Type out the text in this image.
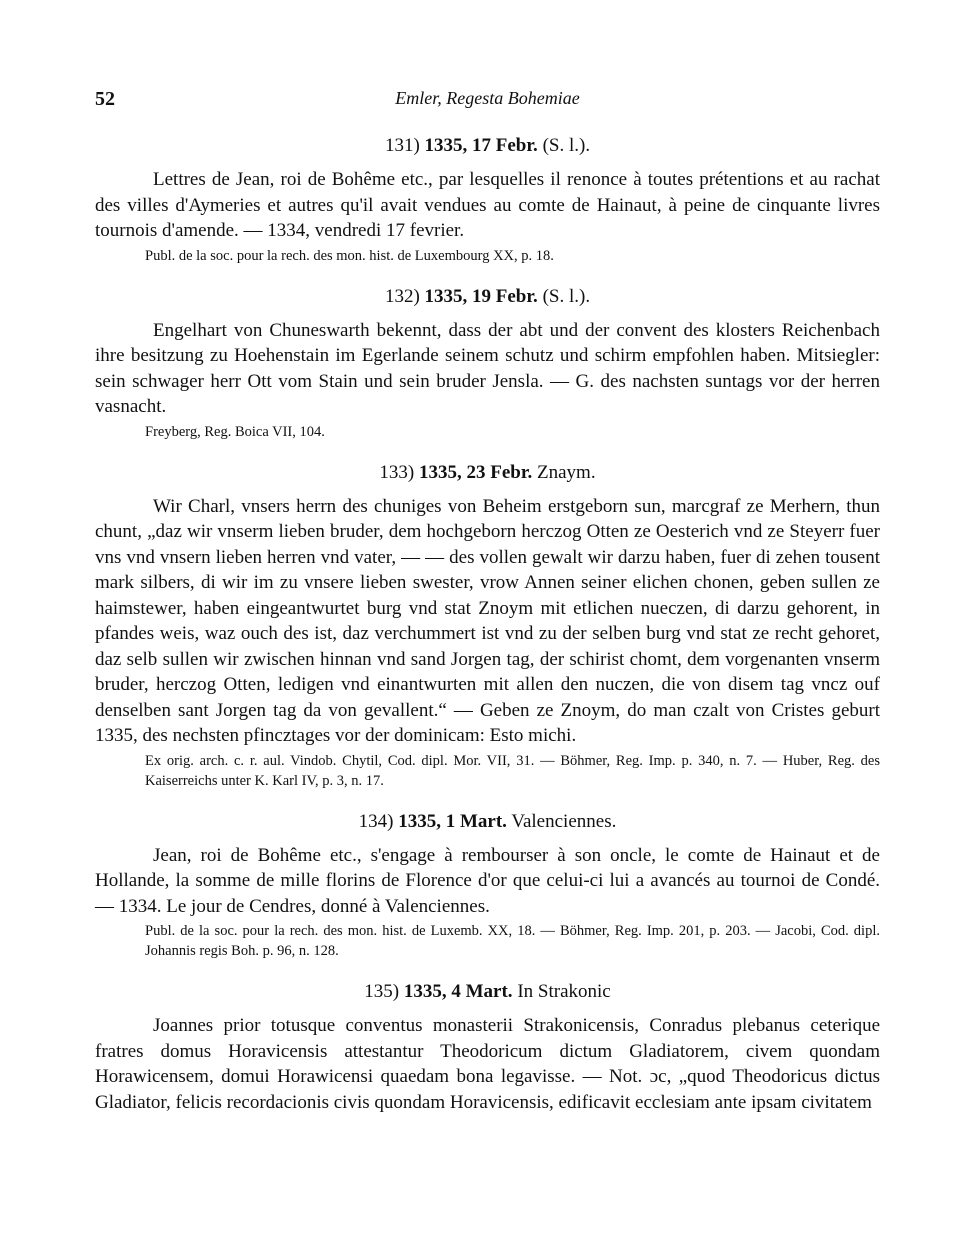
52	Emler, Regesta Bohemiae
131) 1335, 17 Febr. (S. l.).

Lettres de Jean, roi de Bohême etc., par lesquelles il renonce à toutes prétentions et au rachat des villes d'Aymeries et autres qu'il avait vendues au comte de Hainaut, à peine de cinquante livres tournois d'amende. — 1334, vendredi 17 fevrier.

Publ. de la soc. pour la rech. des mon. hist. de Luxembourg XX, p. 18.
132) 1335, 19 Febr. (S. l.).

Engelhart von Chuneswarth bekennt, dass der abt und der convent des klosters Reichenbach ihre besitzung zu Hoehenstain im Egerlande seinem schutz und schirm empfohlen haben. Mitsiegler: sein schwager herr Ott vom Stain und sein bruder Jensla. — G. des nachsten suntags vor der herren vasnacht.

Freyberg, Reg. Boica VII, 104.
133) 1335, 23 Febr. Znaym.

Wir Charl, vnsers herrn des chuniges von Beheim erstgeborn sun, marcgraf ze Merhern, thun chunt, „daz wir vnserm lieben bruder, dem hochgeborn herczog Otten ze Oesterich vnd ze Steyerr fuer vns vnd vnsern lieben herren vnd vater, — — des vollen gewalt wir darzu haben, fuer di zehen tousent mark silbers, di wir im zu vnsere lieben swester, vrow Annen seiner elichen chonen, geben sullen ze haimstewer, haben eingeantwurtet burg vnd stat Znoym mit etlichen nueczen, di darzu gehorent, in pfandes weis, waz ouch des ist, daz verchummert ist vnd zu der selben burg vnd stat ze recht gehoret, daz selb sullen wir zwischen hinnan vnd sand Jorgen tag, der schirist chomt, dem vorgenanten vnserm bruder, herczog Otten, ledigen vnd einantwurten mit allen den nuczen, die von disem tag vncz ouf denselben sant Jorgen tag da von gevallent.“ — Geben ze Znoym, do man czalt von Cristes geburt 1335, des nechsten pfincztages vor der dominicam: Esto michi.

Ex orig. arch. c. r. aul. Vindob. Chytil, Cod. dipl. Mor. VII, 31. — Böhmer, Reg. Imp. p. 340, n. 7. — Huber, Reg. des Kaiserreichs unter K. Karl IV, p. 3, n. 17.
134) 1335, 1 Mart. Valenciennes.

Jean, roi de Bohême etc., s'engage à rembourser à son oncle, le comte de Hainaut et de Hollande, la somme de mille florins de Florence d'or que celui-ci lui a avancés au tournoi de Condé. — 1334. Le jour de Cendres, donné à Valenciennes.

Publ. de la soc. pour la rech. des mon. hist. de Luxemb. XX, 18. — Böhmer, Reg. Imp. 201, p. 203. — Jacobi, Cod. dipl. Johannis regis Boh. p. 96, n. 128.
135) 1335, 4 Mart. In Strakonic

Joannes prior totusque conventus monasterii Strakonicensis, Conradus plebanus ceterique fratres domus Horavicensis attestantur Theodoricum dictum Gladiatorem, civem quondam Horawicensem, domui Horawicensi quaedam bona legavisse. — Not. ɔc, „quod Theodoricus dictus Gladiator, felicis recordacionis civis quondam Horavicensis, edificavit ecclesiam ante ipsam civitatem
